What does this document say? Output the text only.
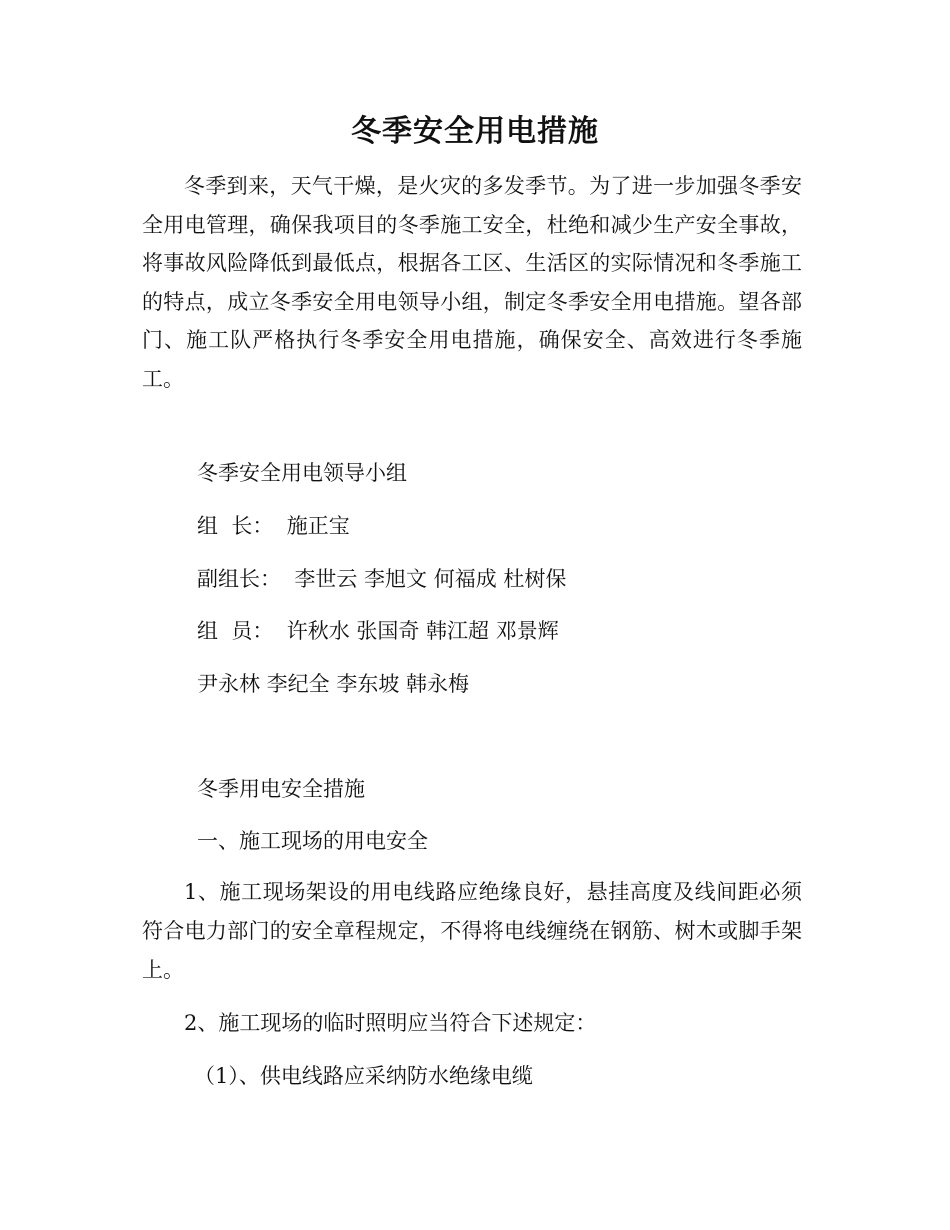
冬季安全用电措施

冬季到来，天气干燥，是火灾的多发季节。为了进一步加强冬季安全用电管理，确保我项目的冬季施工安全，杜绝和减少生产安全事故，将事故风险降低到最低点，根据各工区、生活区的实际情况和冬季施工的特点，成立冬季安全用电领导小组，制定冬季安全用电措施。望各部门、施工队严格执行冬季安全用电措施，确保安全、高效进行冬季施工。

冬季安全用电领导小组

组  长：  施正宝

副组长：  李世云 李旭文 何福成 杜树保

组  员：  许秋水 张国奇 韩江超 邓景辉

尹永林 李纪全 李东坡 韩永梅

冬季用电安全措施

一、施工现场的用电安全

1、施工现场架设的用电线路应绝缘良好，悬挂高度及线间距必须符合电力部门的安全章程规定，不得将电线缠绕在钢筋、树木或脚手架上。

2、施工现场的临时照明应当符合下述规定：

（1）、供电线路应采纳防水绝缘电缆
